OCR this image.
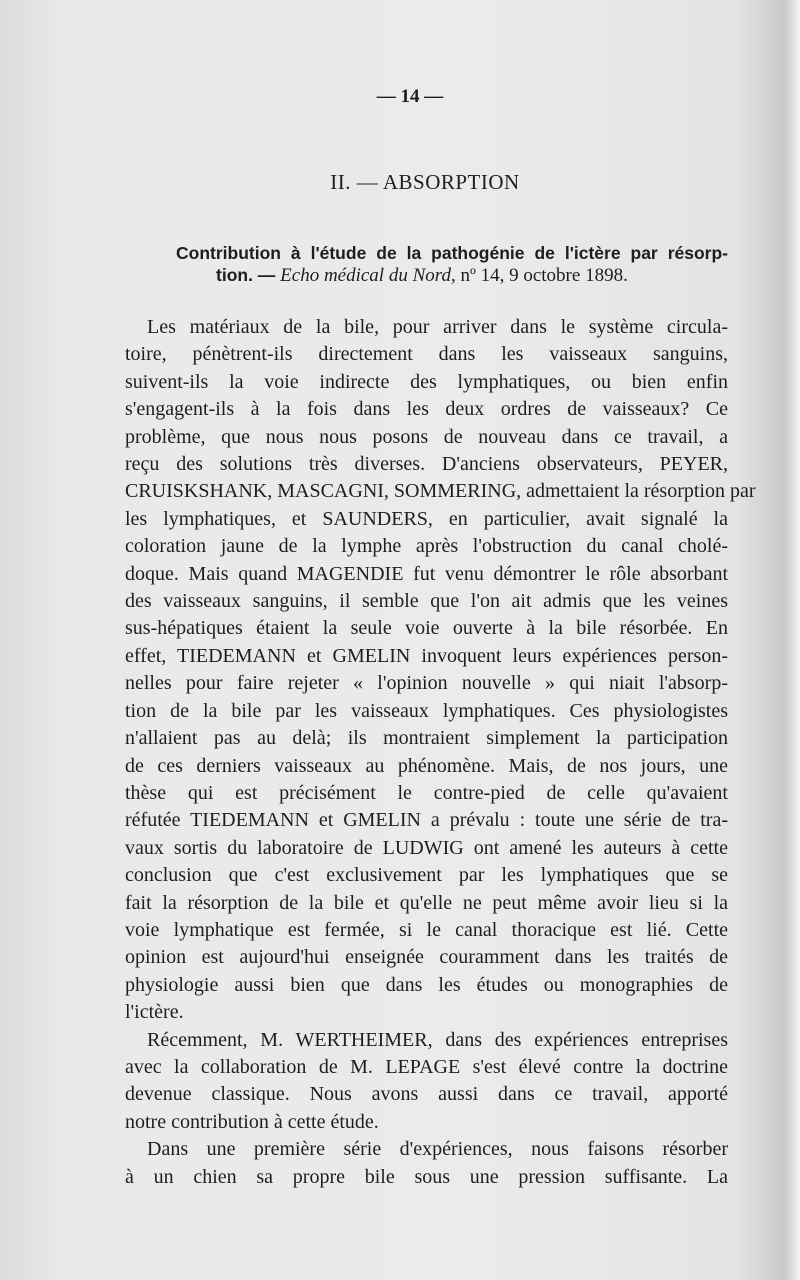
— 14 —
II. — ABSORPTION
Contribution à l'étude de la pathogénie de l'ictère par résorp-
tion. — Echo médical du Nord, nº 14, 9 octobre 1898.
Les matériaux de la bile, pour arriver dans le système circula-
toire, pénètrent-ils directement dans les vaisseaux sanguins,
suivent-ils la voie indirecte des lymphatiques, ou bien enfin
s'engagent-ils à la fois dans les deux ordres de vaisseaux? Ce
problème, que nous nous posons de nouveau dans ce travail, a
reçu des solutions très diverses. D'anciens observateurs, PEYER,
CRUISKSHANK, MASCAGNI, SOMMERING, admettaient la résorption par
les lymphatiques, et SAUNDERS, en particulier, avait signalé la
coloration jaune de la lymphe après l'obstruction du canal cholé-
doque. Mais quand MAGENDIE fut venu démontrer le rôle absorbant
des vaisseaux sanguins, il semble que l'on ait admis que les veines
sus-hépatiques étaient la seule voie ouverte à la bile résorbée. En
effet, TIEDEMANN et GMELIN invoquent leurs expériences person-
nelles pour faire rejeter « l'opinion nouvelle » qui niait l'absorp-
tion de la bile par les vaisseaux lymphatiques. Ces physiologistes
n'allaient pas au delà; ils montraient simplement la participation
de ces derniers vaisseaux au phénomène. Mais, de nos jours, une
thèse qui est précisément le contre-pied de celle qu'avaient
réfutée TIEDEMANN et GMELIN a prévalu : toute une série de tra-
vaux sortis du laboratoire de LUDWIG ont amené les auteurs à cette
conclusion que c'est exclusivement par les lymphatiques que se
fait la résorption de la bile et qu'elle ne peut même avoir lieu si la
voie lymphatique est fermée, si le canal thoracique est lié. Cette
opinion est aujourd'hui enseignée couramment dans les traités de
physiologie aussi bien que dans les études ou monographies de
l'ictère.
Récemment, M. WERTHEIMER, dans des expériences entreprises
avec la collaboration de M. LEPAGE s'est élevé contre la doctrine
devenue classique. Nous avons aussi dans ce travail, apporté
notre contribution à cette étude.
Dans une première série d'expériences, nous faisons résorber
à un chien sa propre bile sous une pression suffisante. La
